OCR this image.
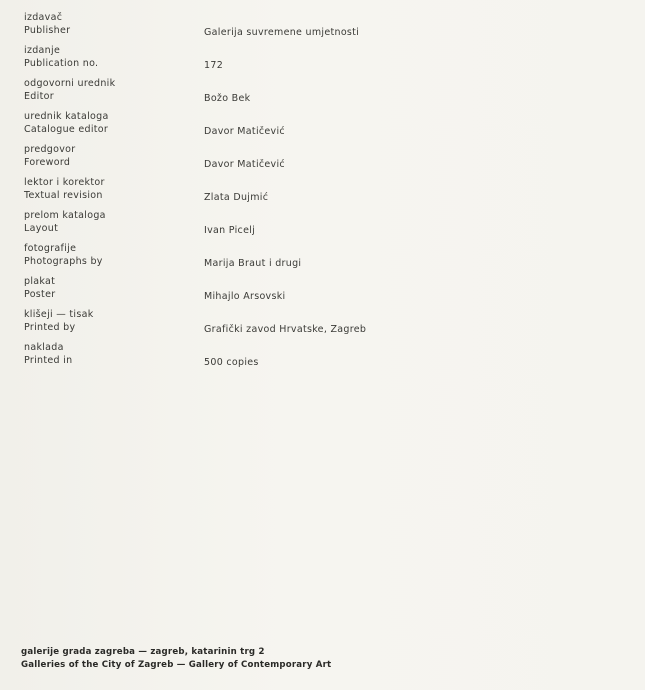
izdavač
Publisher	Galerija suvremene umjetnosti
izdanje
Publication no.	172
odgovorni urednik
Editor	Božo Bek
urednik kataloga
Catalogue editor	Davor Matičević
predgovor
Foreword	Davor Matičević
lektor i korektor
Textual revision	Zlata Dujmić
prelom kataloga
Layout	Ivan Picelj
fotografije
Photographs by	Marija Braut i drugi
plakat
Poster	Mihajlo Arsovski
klišeji — tisak
Printed by	Grafički zavod Hrvatske, Zagreb
naklada
Printed in	500 copies
galerije grada zagreba — zagreb, katarinin trg 2
Galleries of the City of Zagreb — Gallery of Contemporary Art
